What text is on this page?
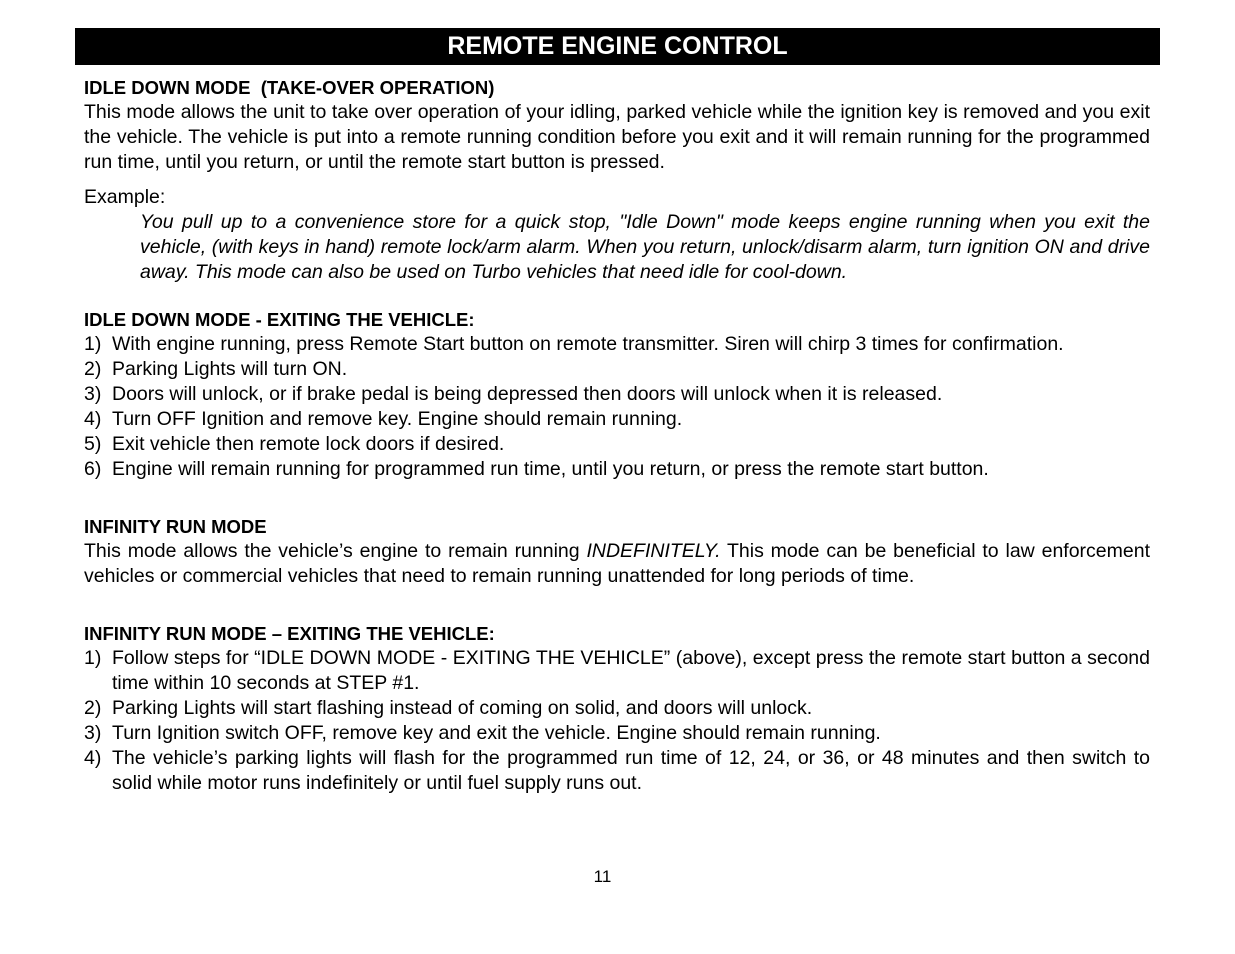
REMOTE ENGINE CONTROL
IDLE DOWN MODE  (TAKE-OVER OPERATION)

This mode allows the unit to take over operation of your idling, parked vehicle while the ignition key is removed and you exit the vehicle. The vehicle is put into a remote running condition before you exit and it will remain running for the programmed run time, until you return, or until the remote start button is pressed.

Example:

You pull up to a convenience store for a quick stop, "Idle Down" mode keeps engine running when you exit the vehicle, (with keys in hand) remote lock/arm alarm. When you return, unlock/disarm alarm, turn ignition ON and drive away. This mode can also be used on Turbo vehicles that need idle for cool-down.

IDLE DOWN MODE - EXITING THE VEHICLE:
1) With engine running, press Remote Start button on remote transmitter. Siren will chirp 3 times for confirmation.
2) Parking Lights will turn ON.
3) Doors will unlock, or if brake pedal is being depressed then doors will unlock when it is released.
4) Turn OFF Ignition and remove key. Engine should remain running.
5) Exit vehicle then remote lock doors if desired.
6) Engine will remain running for programmed run time, until you return, or press the remote start button.
INFINITY RUN MODE

This mode allows the vehicle’s engine to remain running INDEFINITELY. This mode can be beneficial to law enforcement vehicles or commercial vehicles that need to remain running unattended for long periods of time.

INFINITY RUN MODE – EXITING THE VEHICLE:
1) Follow steps for “IDLE DOWN MODE - EXITING THE VEHICLE” (above), except press the remote start button a second time within 10 seconds at STEP #1.
2) Parking Lights will start flashing instead of coming on solid, and doors will unlock.
3) Turn Ignition switch OFF, remove key and exit the vehicle. Engine should remain running.
4) The vehicle’s parking lights will flash for the programmed run time of 12, 24, or 36, or 48 minutes and then switch to solid while motor runs indefinitely or until fuel supply runs out.
11
